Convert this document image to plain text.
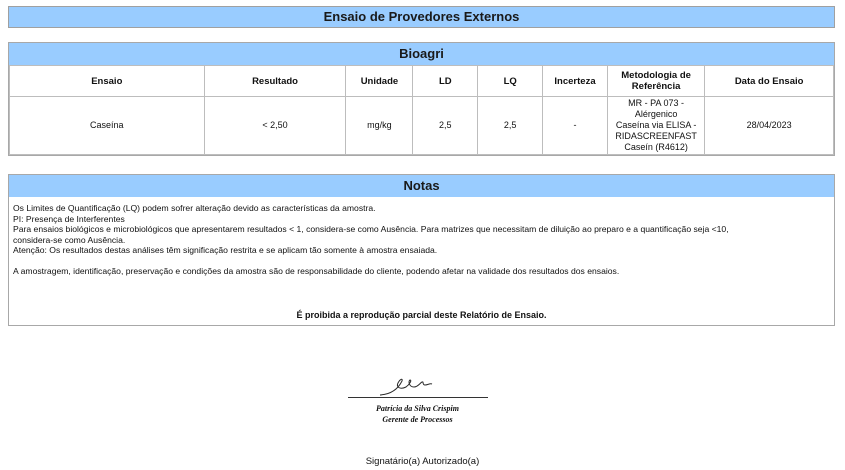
Ensaio de Provedores Externos
Bioagri
Ensaio	Resultado	Unidade	LD	LQ	Incerteza	Metodologia de Referência	Data do Ensaio
Caseína	< 2,50	mg/kg	2,5	2,5	-	MR - PA 073 - Alérgenico
Caseína via ELISA -
RIDASCREENFAST
Caseín (R4612)	28/04/2023
Notas
Os Limites de Quantificação (LQ) podem sofrer alteração devido as características da amostra.
PI: Presença de Interferentes
Para ensaios biológicos e microbiológicos que apresentarem resultados < 1, considera-se como Ausência. Para matrizes que necessitam de diluição ao preparo e a quantificação seja <10,
considera-se como Ausência.
Atenção: Os resultados destas análises têm significação restrita e se aplicam tão somente à amostra ensaiada.
A amostragem, identificação, preservação e condições da amostra são de responsabilidade do cliente, podendo afetar na validade dos resultados dos ensaios.
É proibida a reprodução parcial deste Relatório de Ensaio.
Patrícia da Silva Crispim
Gerente de Processos
Signatário(a) Autorizado(a)
